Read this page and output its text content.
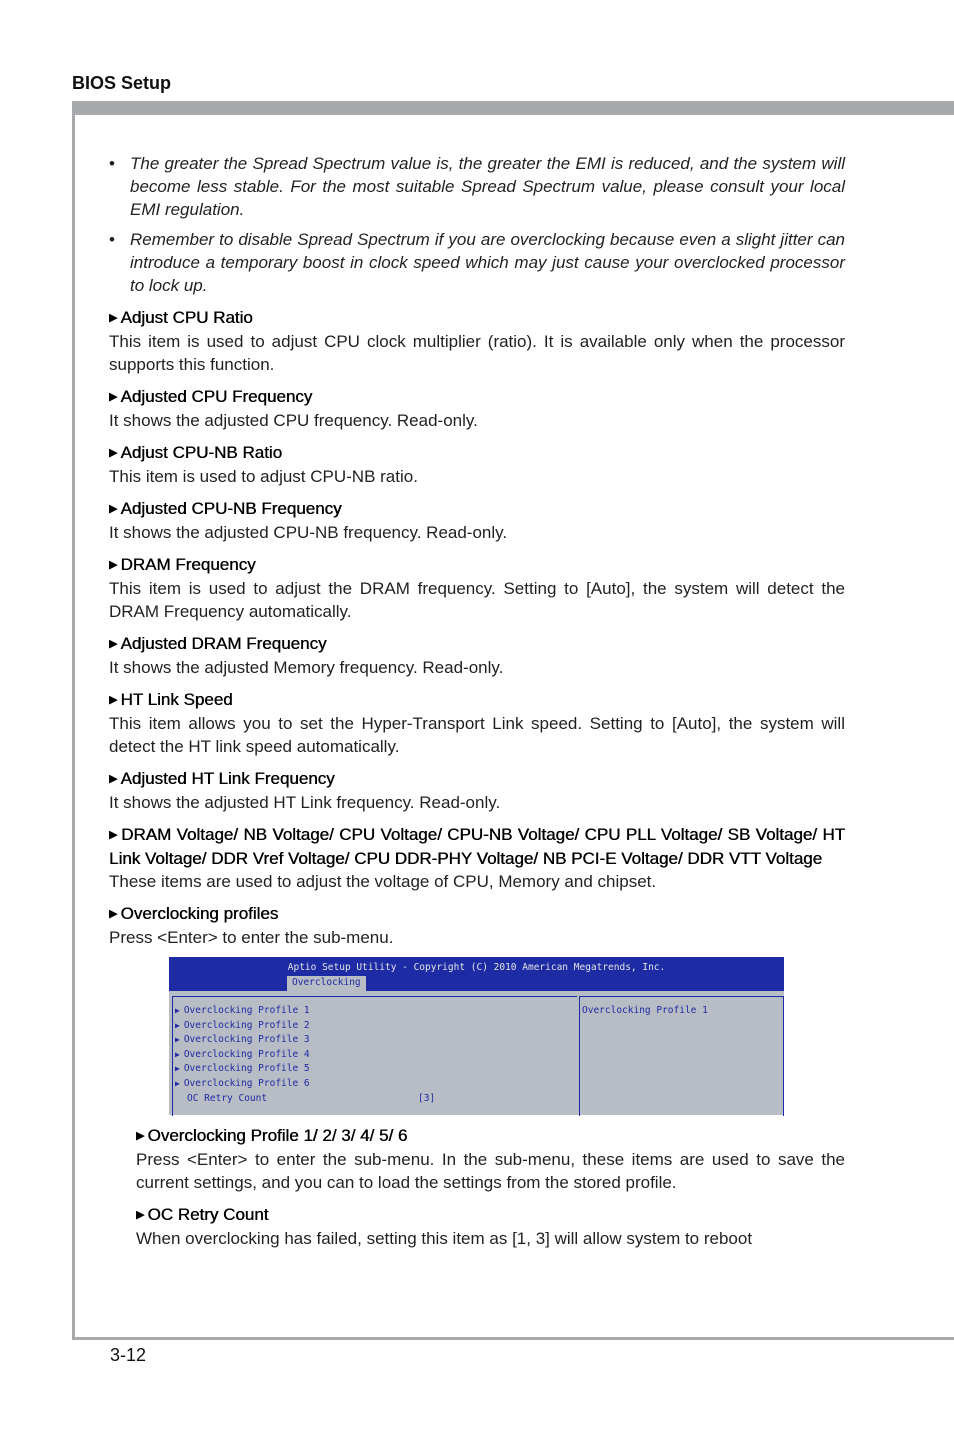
BIOS Setup
• The greater the Spread Spectrum value is, the greater the EMI is reduced, and the system will become less stable. For the most suitable Spread Spectrum value, please consult your local EMI regulation.
• Remember to disable Spread Spectrum if you are overclocking because even a slight jitter can introduce a temporary boost in clock speed which may just cause your overclocked processor to lock up.
▶ Adjust CPU Ratio
This item is used to adjust CPU clock multiplier (ratio). It is available only when the processor supports this function.
▶ Adjusted CPU Frequency
It shows the adjusted CPU frequency. Read-only.
▶ Adjust CPU-NB Ratio
This item is used to adjust CPU-NB ratio.
▶ Adjusted CPU-NB Frequency
It shows the adjusted CPU-NB frequency. Read-only.
▶ DRAM Frequency
This item is used to adjust the DRAM frequency. Setting to [Auto], the system will detect the DRAM Frequency automatically.
▶ Adjusted DRAM Frequency
It shows the adjusted Memory frequency. Read-only.
▶ HT Link Speed
This item allows you to set the Hyper-Transport Link speed. Setting to [Auto], the system will detect the HT link speed automatically.
▶ Adjusted HT Link Frequency
It shows the adjusted HT Link frequency. Read-only.
▶ DRAM Voltage/ NB Voltage/ CPU Voltage/ CPU-NB Voltage/ CPU PLL Voltage/ SB Voltage/ HT Link Voltage/ DDR Vref Voltage/ CPU DDR-PHY Voltage/ NB PCI-E Voltage/ DDR VTT Voltage
These items are used to adjust the voltage of CPU, Memory and chipset.
▶ Overclocking profiles
Press <Enter> to enter the sub-menu.
Aptio Setup Utility - Copyright (C) 2010 American Megatrends, Inc.
Overclocking
▶ Overclocking Profile 1
▶ Overclocking Profile 2
▶ Overclocking Profile 3
▶ Overclocking Profile 4
▶ Overclocking Profile 5
▶ Overclocking Profile 6
OC Retry Count	[3]
Overclocking Profile 1
▶ Overclocking Profile 1/ 2/ 3/ 4/ 5/ 6
Press <Enter> to enter the sub-menu. In the sub-menu, these items are used to save the current settings, and you can to load the settings from the stored profile.
▶ OC Retry Count
When overclocking has failed, setting this item as [1, 3] will allow system to reboot
3-12
